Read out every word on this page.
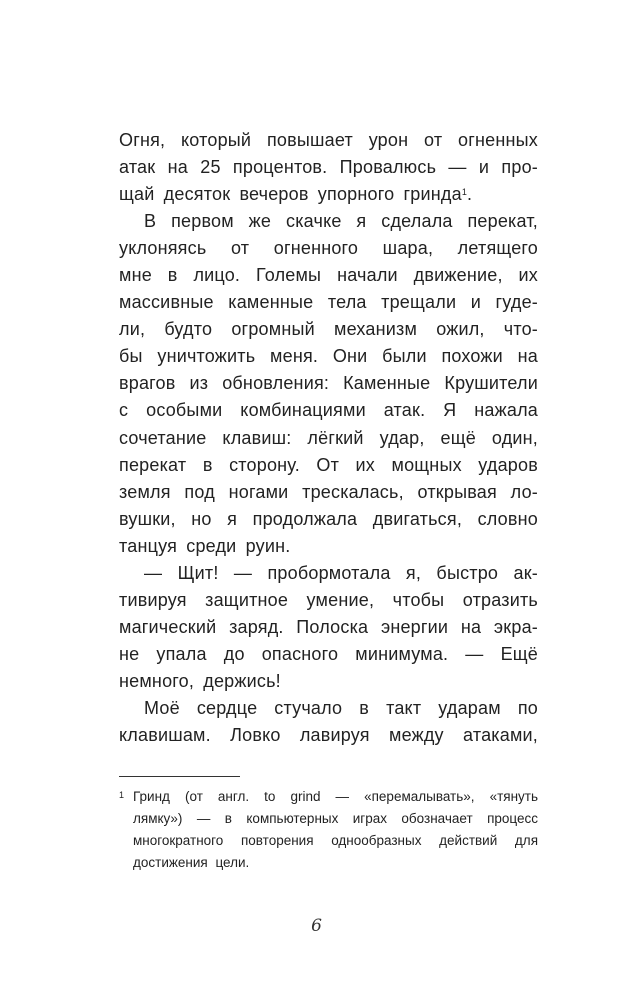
Огня, который повышает урон от огненных
атак на 25 процентов. Провалюсь — и про-
щай десяток вечеров упорного гринда$^1$.
В первом же скачке я сделала перекат,
уклоняясь от огненного шара, летящего
мне в лицо. Големы начали движение, их
массивные каменные тела трещали и гуде-
ли, будто огромный механизм ожил, что-
бы уничтожить меня. Они были похожи на
врагов из обновления: Каменные Крушители
с особыми комбинациями атак. Я нажала
сочетание клавиш: лёгкий удар, ещё один,
перекат в сторону. От их мощных ударов
земля под ногами трескалась, открывая ло-
вушки, но я продолжала двигаться, словно
танцуя среди руин.
— Щит! — пробормотала я, быстро ак-
тивируя защитное умение, чтобы отразить
магический заряд. Полоска энергии на экра-
не упала до опасного минимума. — Ещё
немного, держись!
Моё сердце стучало в такт ударам по
клавишам. Ловко лавируя между атаками,
1 Гринд (от англ. to grind — «перемалывать», «тянуть
лямку») — в компьютерных играх обозначает процесс
многократного повторения однообразных действий для
достижения цели.
6
